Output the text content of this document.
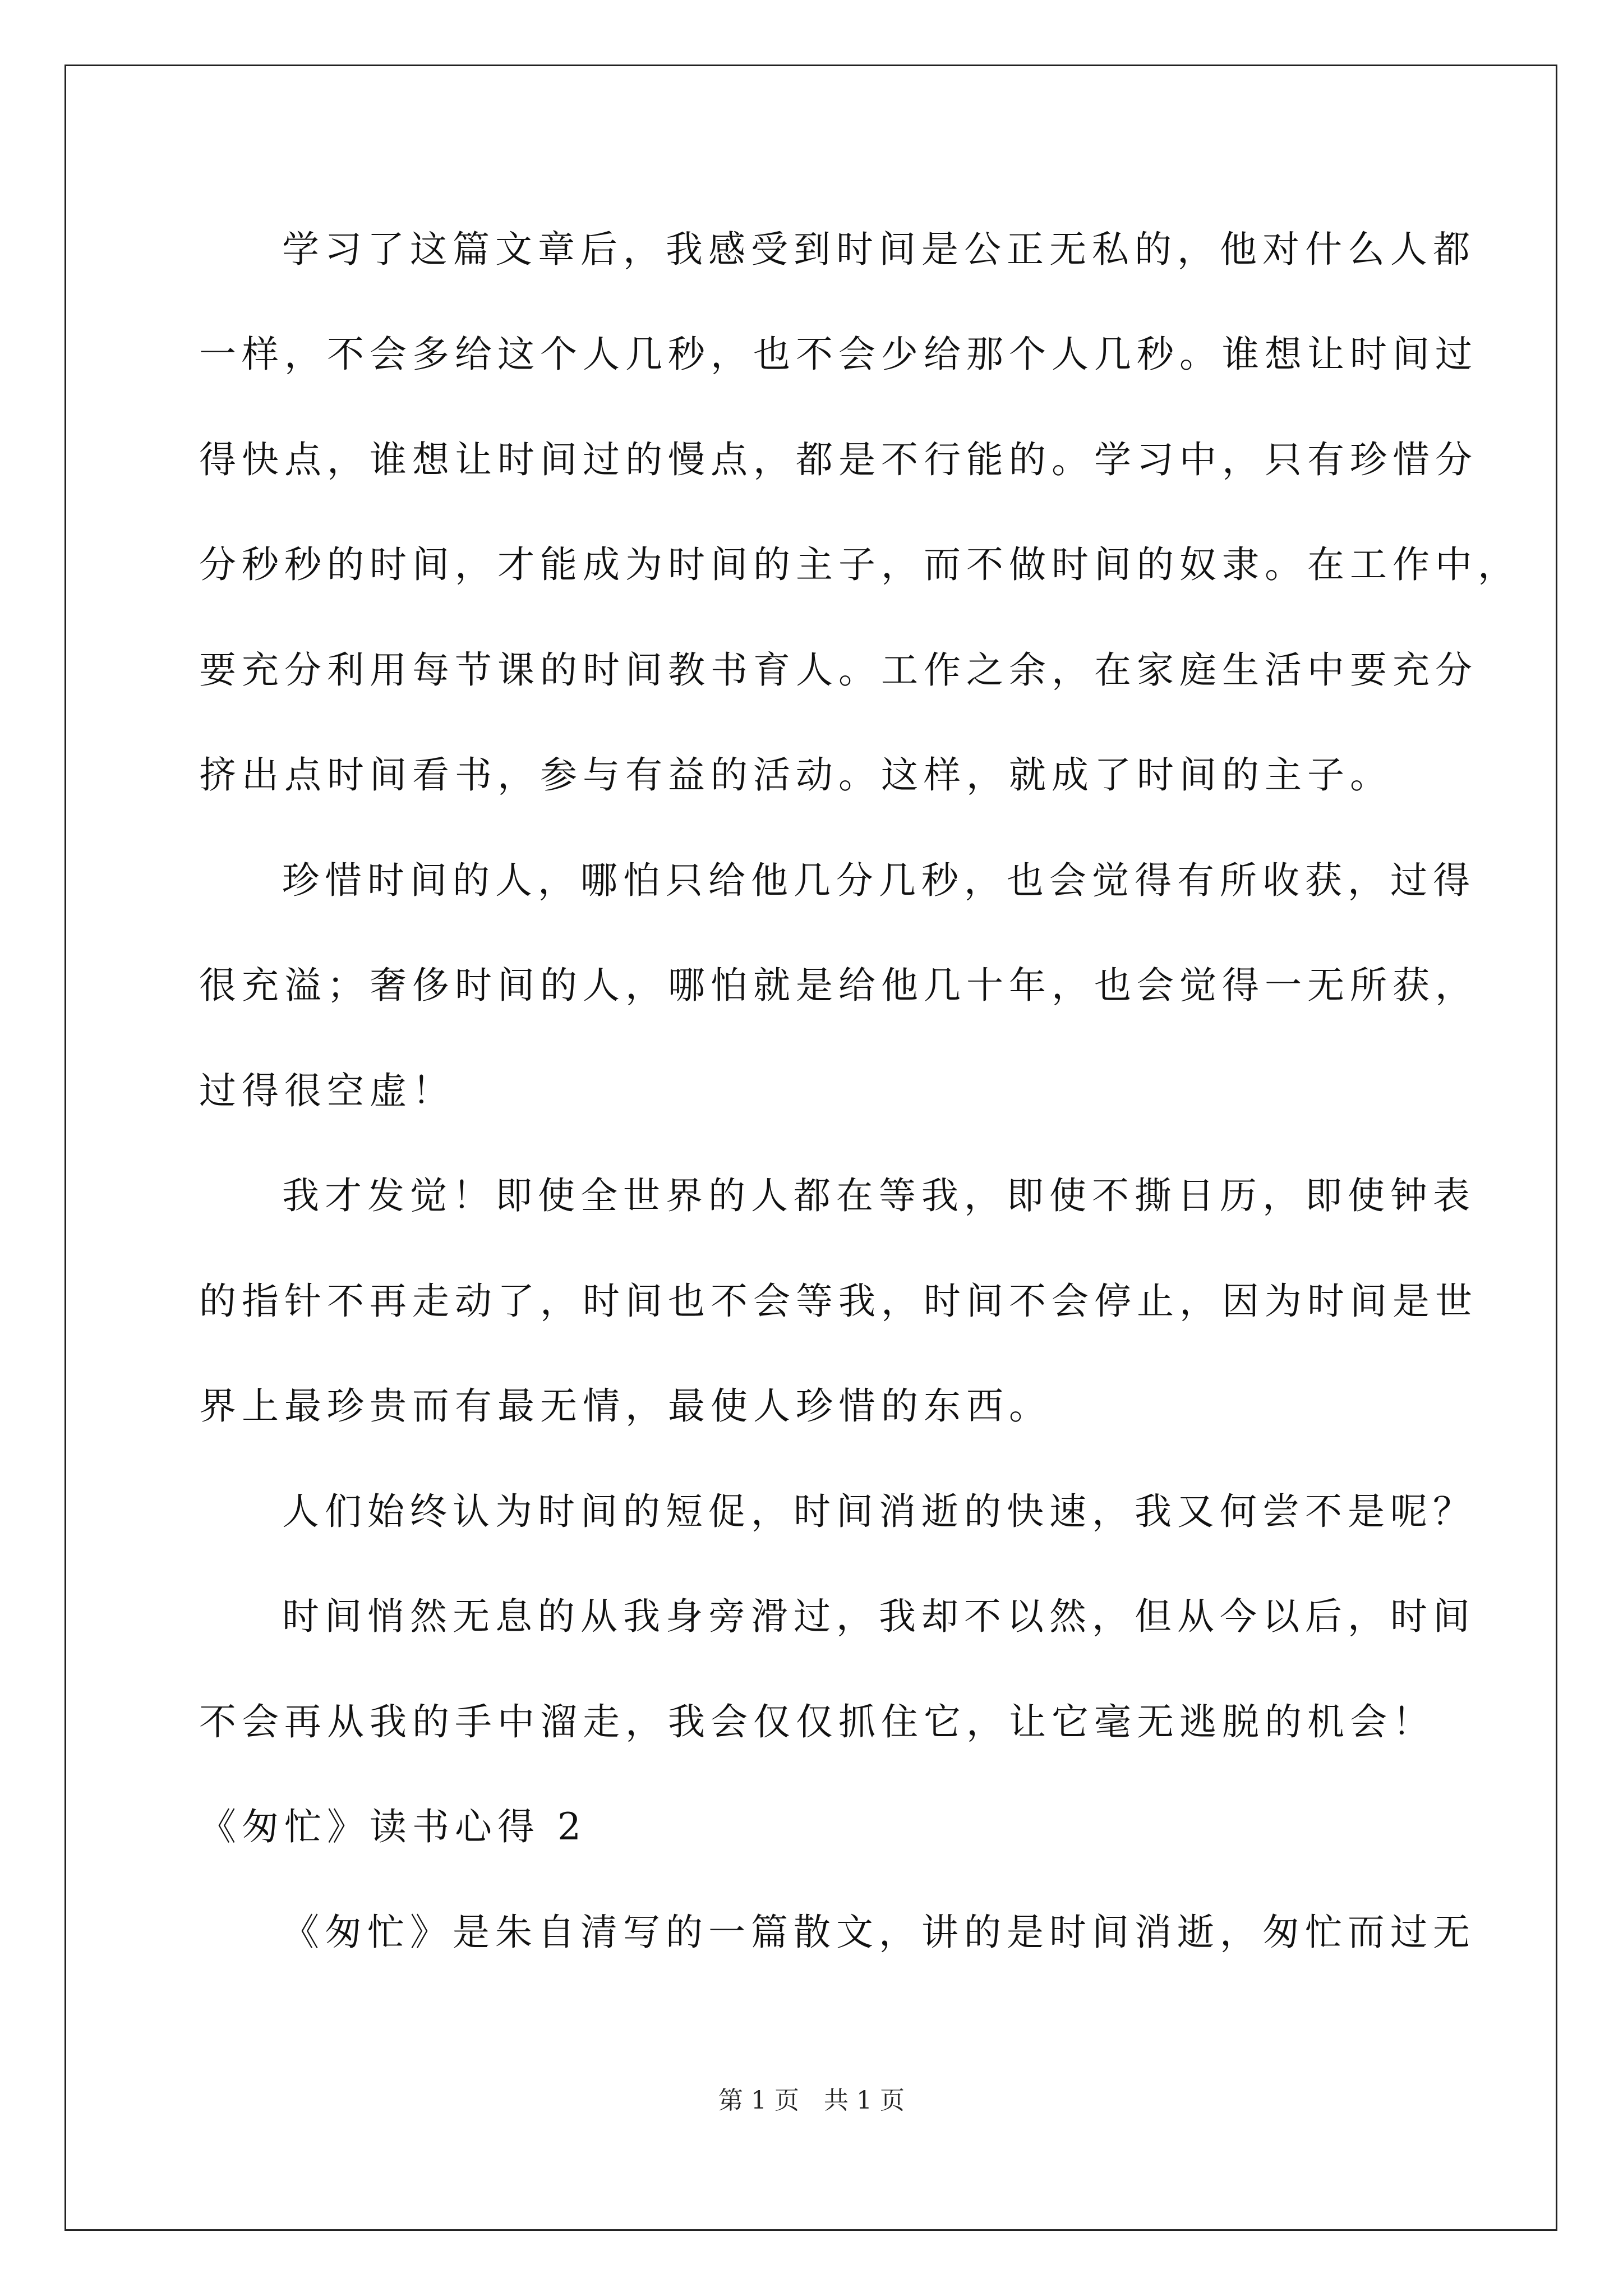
学习了这篇文章后，我感受到时间是公正无私的，他对什么人都
一样，不会多给这个人几秒，也不会少给那个人几秒。谁想让时间过
得快点，谁想让时间过的慢点，都是不行能的。学习中，只有珍惜分
分秒秒的时间，才能成为时间的主子，而不做时间的奴隶。在工作中，
要充分利用每节课的时间教书育人。工作之余，在家庭生活中要充分
挤出点时间看书，参与有益的活动。这样，就成了时间的主子。
珍惜时间的人，哪怕只给他几分几秒，也会觉得有所收获，过得
很充溢；奢侈时间的人，哪怕就是给他几十年，也会觉得一无所获，
过得很空虚！
我才发觉！即使全世界的人都在等我，即使不撕日历，即使钟表
的指针不再走动了，时间也不会等我，时间不会停止，因为时间是世
界上最珍贵而有最无情，最使人珍惜的东西。
人们始终认为时间的短促，时间消逝的快速，我又何尝不是呢？
时间悄然无息的从我身旁滑过，我却不以然，但从今以后，时间
不会再从我的手中溜走，我会仅仅抓住它，让它毫无逃脱的机会！
《匆忙》读书心得 2
《匆忙》是朱自清写的一篇散文，讲的是时间消逝，匆忙而过无
第 1 页　共 1 页
